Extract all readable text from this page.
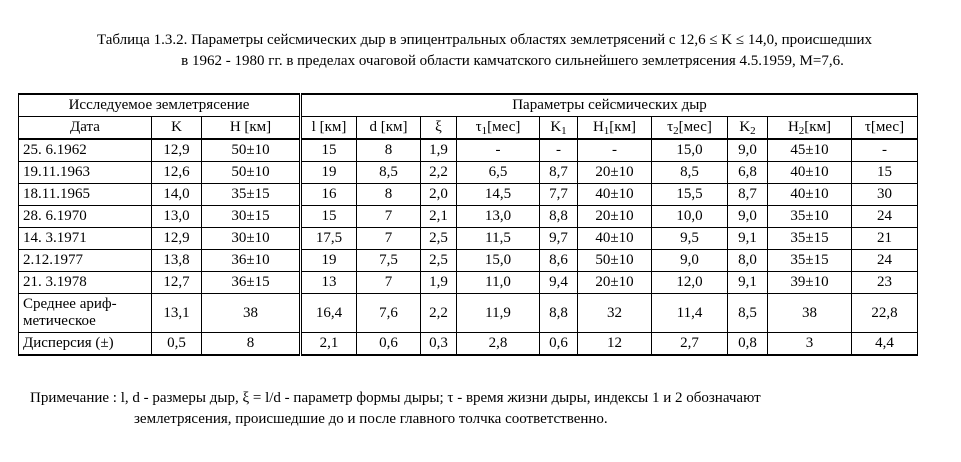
Таблица 1.3.2. Параметры сейсмических дыр в эпицентральных областях землетрясений с 12,6 ≤ K ≤ 14,0, происшедших
в 1962 - 1980 гг. в пределах очаговой области камчатского сильнейшего землетрясения 4.5.1959, M=7,6.
Исследуемое землетрясение			Параметры сейсмических дыр									
Дата	K	H [км]	l [км]	d [км]	ξ	$\tau_1[мес]$	$K_1$	$H_1[км]$	$\tau_2[мес]$	$K_2$	$H_2[км]$	τ[мес]
25. 6.1962	12,9	50±10	15	8	1,9	-	-	-	15,0	9,0	45±10	-
19.11.1963	12,6	50±10	19	8,5	2,2	6,5	8,7	20±10	8,5	6,8	40±10	15
18.11.1965	14,0	35±15	16	8	2,0	14,5	7,7	40±10	15,5	8,7	40±10	30
28. 6.1970	13,0	30±15	15	7	2,1	13,0	8,8	20±10	10,0	9,0	35±10	24
14. 3.1971	12,9	30±10	17,5	7	2,5	11,5	9,7	40±10	9,5	9,1	35±15	21
2.12.1977	13,8	36±10	19	7,5	2,5	15,0	8,6	50±10	9,0	8,0	35±15	24
21. 3.1978	12,7	36±15	13	7	1,9	11,0	9,4	20±10	12,0	9,1	39±10	23
Среднее ариф-
метическое	13,1	38	16,4	7,6	2,2	11,9	8,8	32	11,4	8,5	38	22,8
Дисперсия (±)	0,5	8	2,1	0,6	0,3	2,8	0,6	12	2,7	0,8	3	4,4
Примечание : l, d - размеры дыр, ξ = l/d - параметр формы дыры; τ - время жизни дыры, индексы 1 и 2 обозначают
землетрясения, происшедшие до и после главного толчка соответственно.
